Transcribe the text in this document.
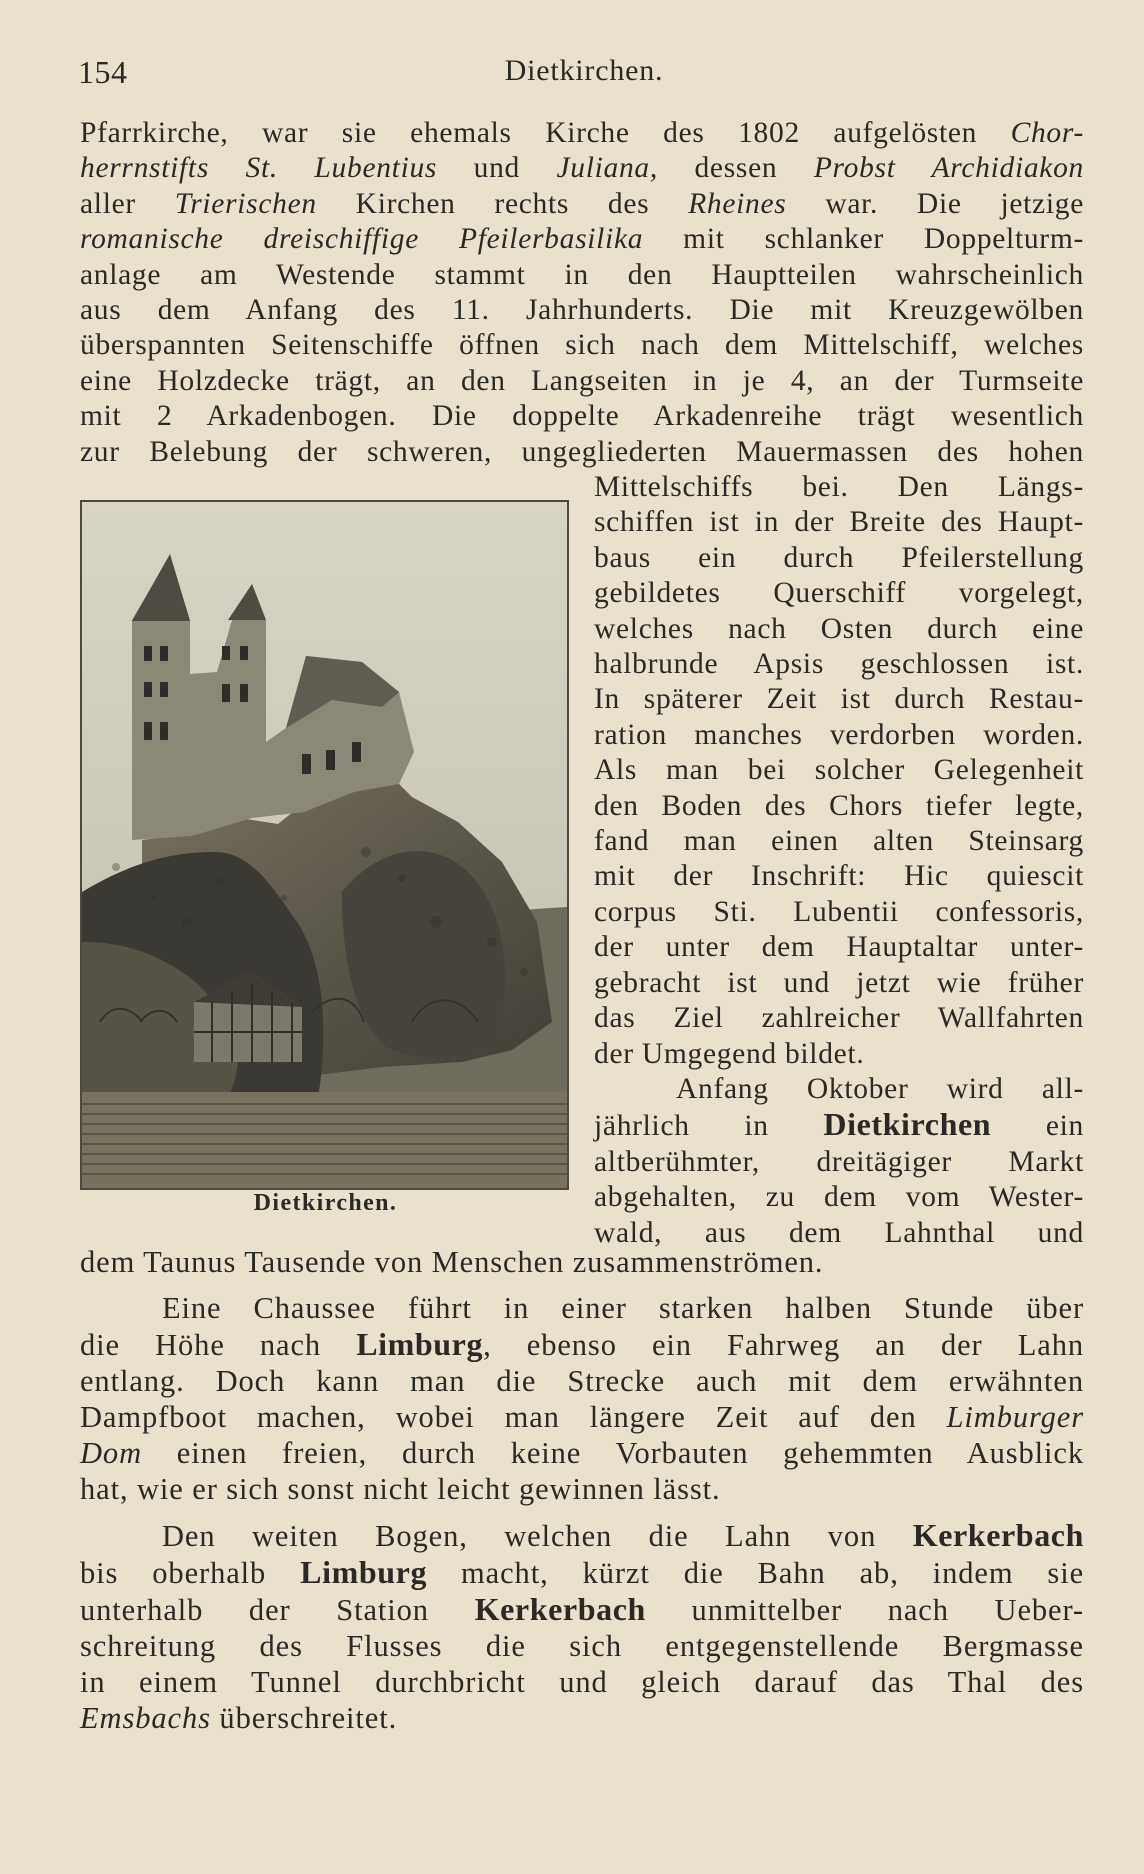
154	Dietkirchen.
Pfarrkirche, war sie ehemals Kirche des 1802 aufgelösten Chor-
herrnstifts St. Lubentius und Juliana, dessen Probst Archidiakon
aller Trierischen Kirchen rechts des Rheines war. Die jetzige
romanische dreischiffige Pfeilerbasilika mit schlanker Doppelturm-
anlage am Westende stammt in den Hauptteilen wahrscheinlich
aus dem Anfang des 11. Jahrhunderts. Die mit Kreuzgewölben
überspannten Seitenschiffe öffnen sich nach dem Mittelschiff, welches
eine Holzdecke trägt, an den Langseiten in je 4, an der Turmseite
mit 2 Arkadenbogen. Die doppelte Arkadenreihe trägt wesentlich
zur Belebung der schweren, ungegliederten Mauermassen des hohen
Dietkirchen.
Mittelschiffs bei. Den Längs-
schiffen ist in der Breite des Haupt-
baus ein durch Pfeilerstellung
gebildetes Querschiff vorgelegt,
welches nach Osten durch eine
halbrunde Apsis geschlossen ist.
In späterer Zeit ist durch Restau-
ration manches verdorben worden.
Als man bei solcher Gelegenheit
den Boden des Chors tiefer legte,
fand man einen alten Steinsarg
mit der Inschrift: Hic quiescit
corpus Sti. Lubentii confessoris,
der unter dem Hauptaltar unter-
gebracht ist und jetzt wie früher
das Ziel zahlreicher Wallfahrten
der Umgegend bildet.
Anfang Oktober wird all-
jährlich in Dietkirchen ein
altberühmter, dreitägiger Markt
abgehalten, zu dem vom Wester-
wald, aus dem Lahnthal und
dem Taunus Tausende von Menschen zusammenströmen.
Eine Chaussee führt in einer starken halben Stunde über
die Höhe nach Limburg, ebenso ein Fahrweg an der Lahn
entlang. Doch kann man die Strecke auch mit dem erwähnten
Dampfboot machen, wobei man längere Zeit auf den Limburger
Dom einen freien, durch keine Vorbauten gehemmten Ausblick
hat, wie er sich sonst nicht leicht gewinnen lässt.
Den weiten Bogen, welchen die Lahn von Kerkerbach
bis oberhalb Limburg macht, kürzt die Bahn ab, indem sie
unterhalb der Station Kerkerbach unmittelber nach Ueber-
schreitung des Flusses die sich entgegenstellende Bergmasse
in einem Tunnel durchbricht und gleich darauf das Thal des
Emsbachs überschreitet.
